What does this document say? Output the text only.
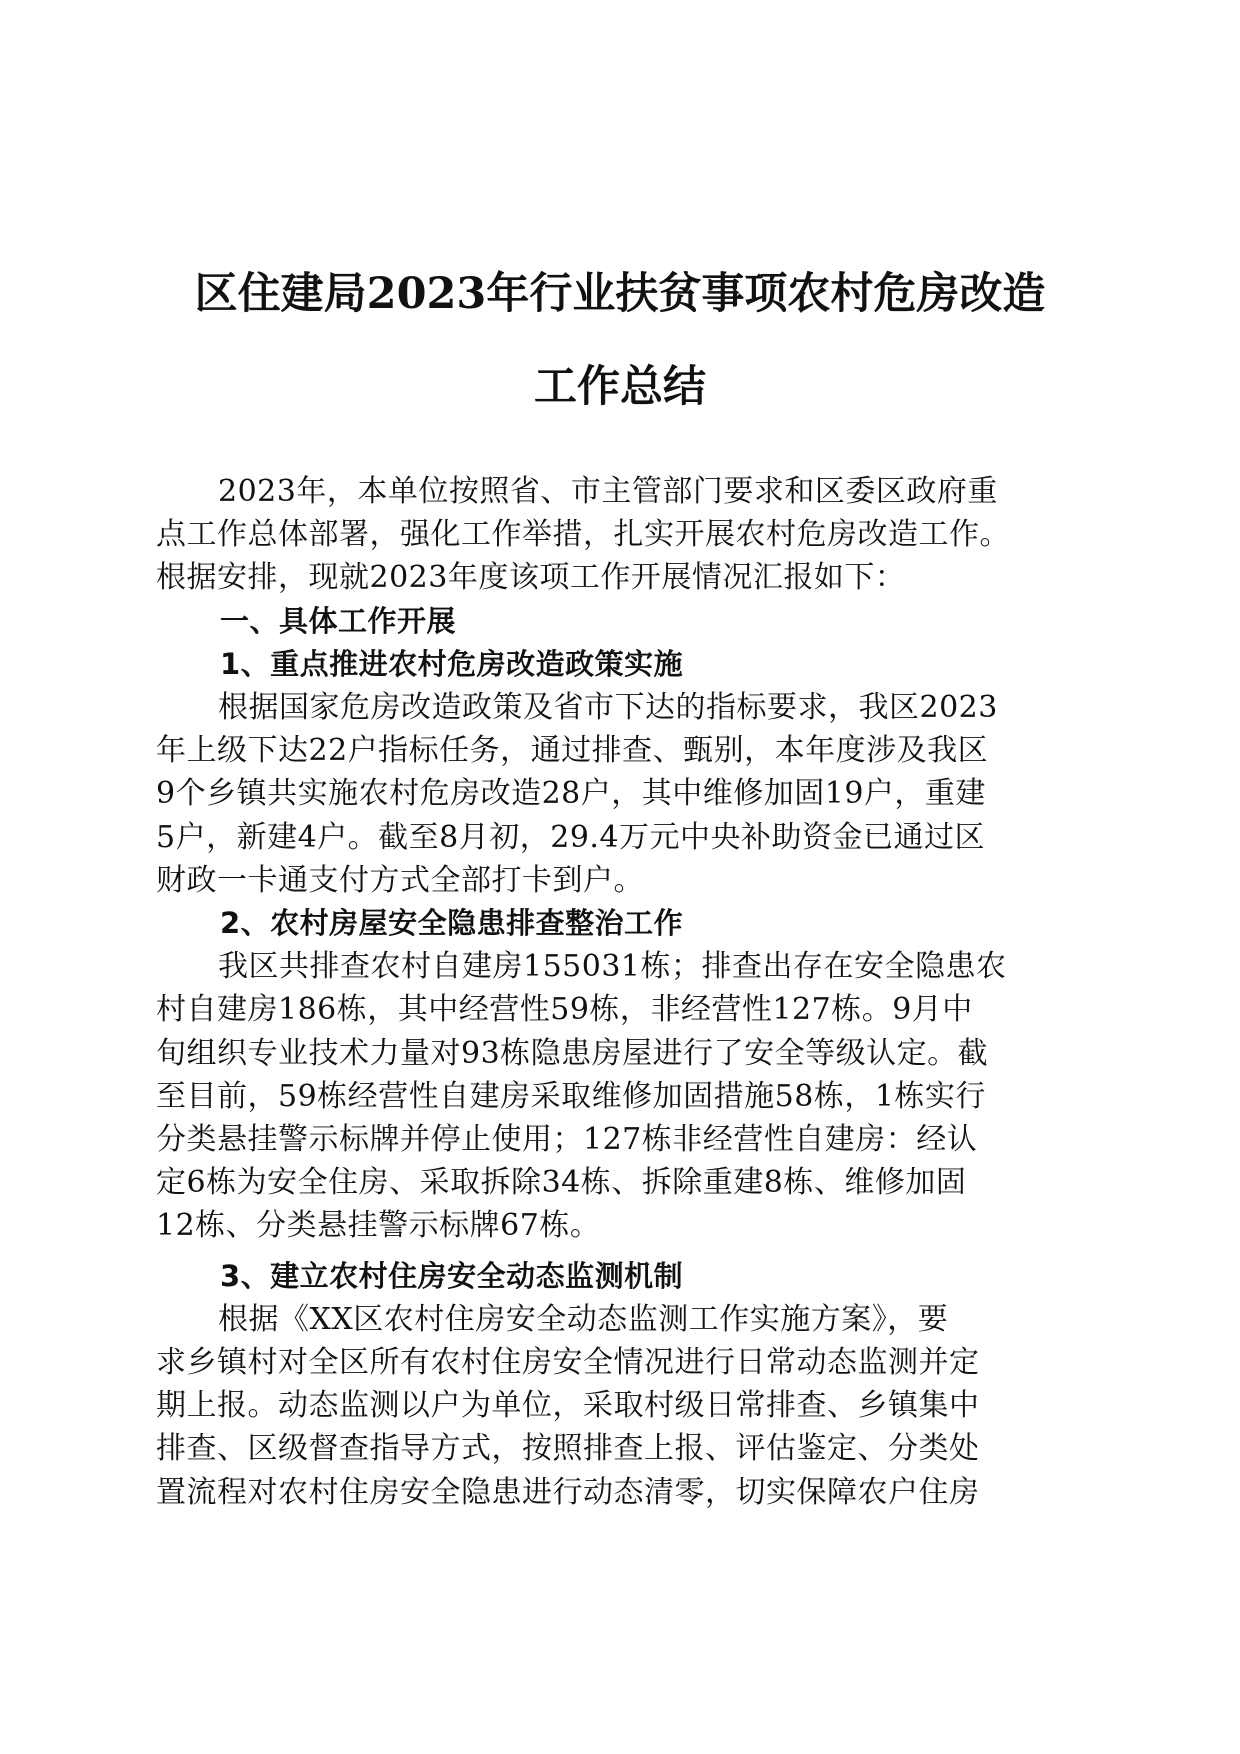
区住建局2023年行业扶贫事项农村危房改造
工作总结
2023年，本单位按照省、市主管部门要求和区委区政府重
点工作总体部署，强化工作举措，扎实开展农村危房改造工作。
根据安排，现就2023年度该项工作开展情况汇报如下：
一、具体工作开展
1、重点推进农村危房改造政策实施
根据国家危房改造政策及省市下达的指标要求，我区2023
年上级下达22户指标任务，通过排查、甄别，本年度涉及我区
9个乡镇共实施农村危房改造28户，其中维修加固19户，重建
5户，新建4户。截至8月初，29.4万元中央补助资金已通过区
财政一卡通支付方式全部打卡到户。
2、农村房屋安全隐患排查整治工作
我区共排查农村自建房155031栋；排查出存在安全隐患农
村自建房186栋，其中经营性59栋，非经营性127栋。9月中
旬组织专业技术力量对93栋隐患房屋进行了安全等级认定。截
至目前，59栋经营性自建房采取维修加固措施58栋，1栋实行
分类悬挂警示标牌并停止使用；127栋非经营性自建房：经认
定6栋为安全住房、采取拆除34栋、拆除重建8栋、维修加固
12栋、分类悬挂警示标牌67栋。
3、建立农村住房安全动态监测机制
根据《XX区农村住房安全动态监测工作实施方案》，要
求乡镇村对全区所有农村住房安全情况进行日常动态监测并定
期上报。动态监测以户为单位，采取村级日常排查、乡镇集中
排查、区级督查指导方式，按照排查上报、评估鉴定、分类处
置流程对农村住房安全隐患进行动态清零，切实保障农户住房
